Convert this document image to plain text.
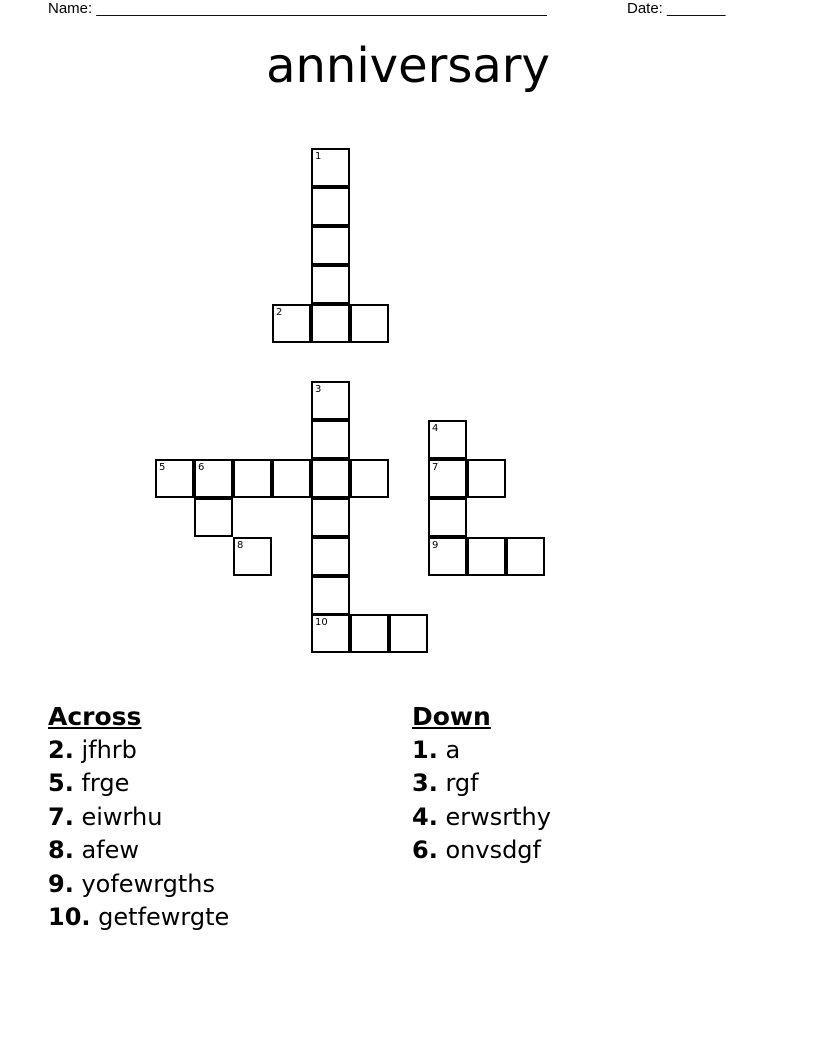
Name: ______________________________________________________	Date: _______
anniversary
1
2
3
10
5	6
8
4
7
9
Across
2. jfhrb
5. frge
7. eiwrhu
8. afew
9. yofewrgths
10. getfewrgte
Down
1. a
3. rgf
4. erwsrthy
6. onvsdgf
